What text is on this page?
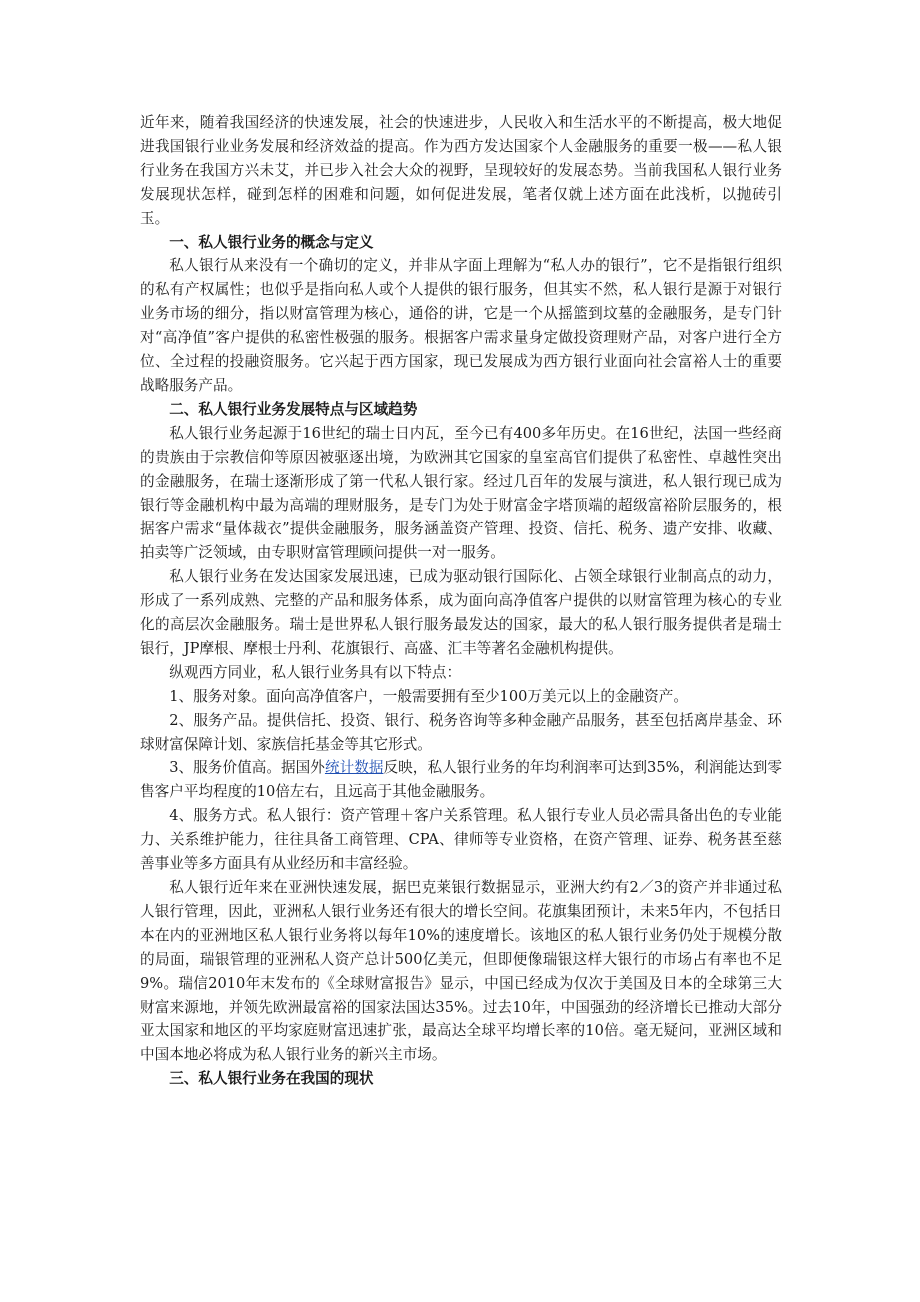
近年来，随着我国经济的快速发展，社会的快速进步，人民收入和生活水平的不断提高，极大地促进我国银行业业务发展和经济效益的提高。作为西方发达国家个人金融服务的重要一极——私人银行业务在我国方兴未艾，并已步入社会大众的视野，呈现较好的发展态势。当前我国私人银行业务发展现状怎样，碰到怎样的困难和问题，如何促进发展，笔者仅就上述方面在此浅析，以抛砖引玉。

一、私人银行业务的概念与定义

私人银行从来没有一个确切的定义，并非从字面上理解为“私人办的银行”，它不是指银行组织的私有产权属性；也似乎是指向私人或个人提供的银行服务，但其实不然，私人银行是源于对银行业务市场的细分，指以财富管理为核心，通俗的讲，它是一个从摇篮到坟墓的金融服务，是专门针对“高净值”客户提供的私密性极强的服务。根据客户需求量身定做投资理财产品，对客户进行全方位、全过程的投融资服务。它兴起于西方国家，现已发展成为西方银行业面向社会富裕人士的重要战略服务产品。

二、私人银行业务发展特点与区域趋势

私人银行业务起源于16世纪的瑞士日内瓦，至今已有400多年历史。在16世纪，法国一些经商的贵族由于宗教信仰等原因被驱逐出境，为欧洲其它国家的皇室高官们提供了私密性、卓越性突出的金融服务，在瑞士逐渐形成了第一代私人银行家。经过几百年的发展与演进，私人银行现已成为银行等金融机构中最为高端的理财服务，是专门为处于财富金字塔顶端的超级富裕阶层服务的，根据客户需求“量体裁衣”提供金融服务，服务涵盖资产管理、投资、信托、税务、遗产安排、收藏、拍卖等广泛领域，由专职财富管理顾问提供一对一服务。

私人银行业务在发达国家发展迅速，已成为驱动银行国际化、占领全球银行业制高点的动力，形成了一系列成熟、完整的产品和服务体系，成为面向高净值客户提供的以财富管理为核心的专业化的高层次金融服务。瑞士是世界私人银行服务最发达的国家，最大的私人银行服务提供者是瑞士银行，JP摩根、摩根士丹利、花旗银行、高盛、汇丰等著名金融机构提供。

纵观西方同业，私人银行业务具有以下特点：

1、服务对象。面向高净值客户，一般需要拥有至少100万美元以上的金融资产。

2、服务产品。提供信托、投资、银行、税务咨询等多种金融产品服务，甚至包括离岸基金、环球财富保障计划、家族信托基金等其它形式。

3、服务价值高。据国外统计数据反映，私人银行业务的年均利润率可达到35%，利润能达到零售客户平均程度的10倍左右，且远高于其他金融服务。

4、服务方式。私人银行：资产管理＋客户关系管理。私人银行专业人员必需具备出色的专业能力、关系维护能力，往往具备工商管理、CPA、律师等专业资格，在资产管理、证券、税务甚至慈善事业等多方面具有从业经历和丰富经验。

私人银行近年来在亚洲快速发展，据巴克莱银行数据显示，亚洲大约有2／3的资产并非通过私人银行管理，因此，亚洲私人银行业务还有很大的增长空间。花旗集团预计，未来5年内，不包括日本在内的亚洲地区私人银行业务将以每年10%的速度增长。该地区的私人银行业务仍处于规模分散的局面，瑞银管理的亚洲私人资产总计500亿美元，但即便像瑞银这样大银行的市场占有率也不足9%。瑞信2010年末发布的《全球财富报告》显示，中国已经成为仅次于美国及日本的全球第三大财富来源地，并领先欧洲最富裕的国家法国达35%。过去10年，中国强劲的经济增长已推动大部分亚太国家和地区的平均家庭财富迅速扩张，最高达全球平均增长率的10倍。毫无疑问，亚洲区域和中国本地必将成为私人银行业务的新兴主市场。

三、私人银行业务在我国的现状
